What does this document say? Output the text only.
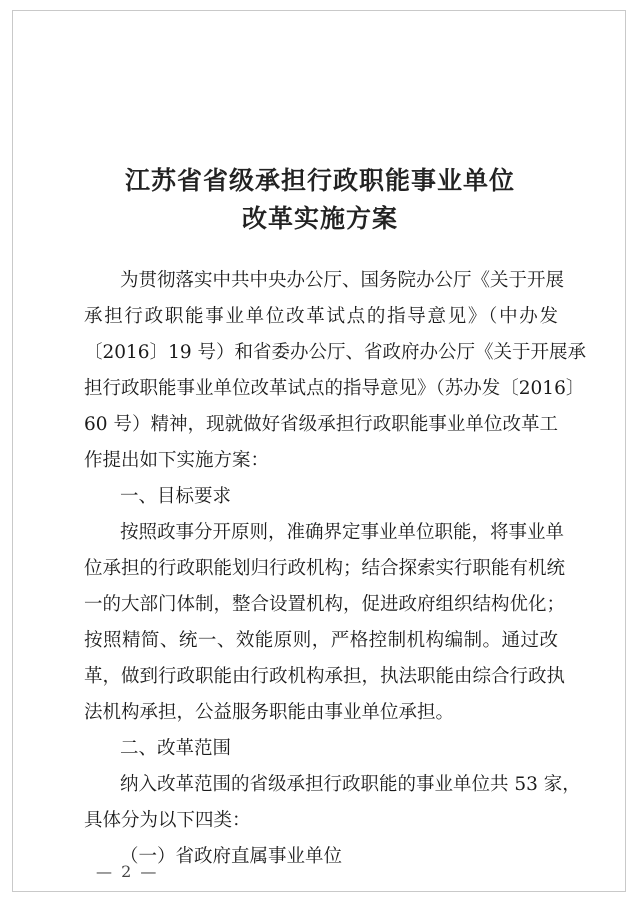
江苏省省级承担行政职能事业单位
改革实施方案
为贯彻落实中共中央办公厅、国务院办公厅《关于开展
承担行政职能事业单位改革试点的指导意见》（中办发
〔2016〕19 号）和省委办公厅、省政府办公厅《关于开展承
担行政职能事业单位改革试点的指导意见》（苏办发〔2016〕
60 号）精神，现就做好省级承担行政职能事业单位改革工
作提出如下实施方案：
一、目标要求
按照政事分开原则，准确界定事业单位职能，将事业单
位承担的行政职能划归行政机构；结合探索实行职能有机统
一的大部门体制，整合设置机构，促进政府组织结构优化；
按照精简、统一、效能原则，严格控制机构编制。通过改
革，做到行政职能由行政机构承担，执法职能由综合行政执
法机构承担，公益服务职能由事业单位承担。
二、改革范围
纳入改革范围的省级承担行政职能的事业单位共 53 家，
具体分为以下四类：
（一）省政府直属事业单位
— 2 —
